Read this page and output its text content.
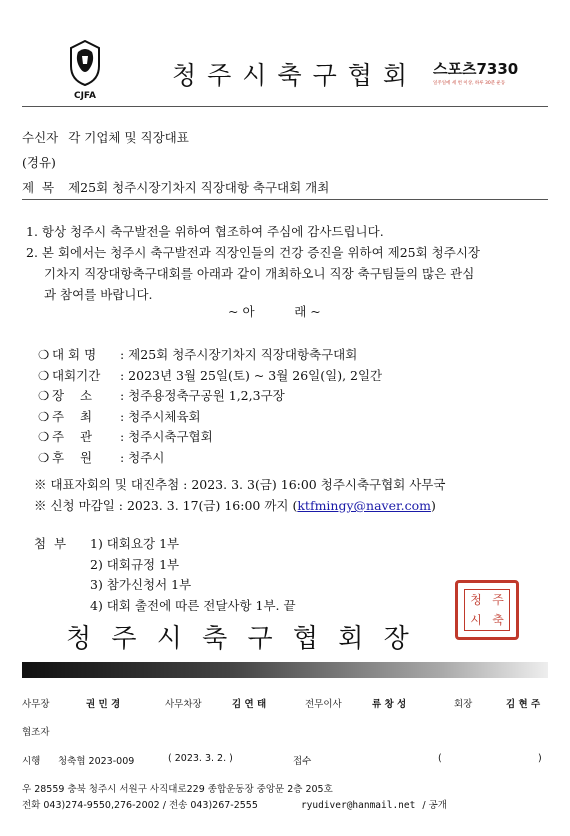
CJFA
청주시축구협회 스포츠7330
일주일에 세 번 이상, 하루 30분 운동
수신자 각 기업체 및 직장대표
(경유)
제  목 제25회 청주시장기차지 직장대항 축구대회 개최
1. 항상 청주시 축구발전을 위하여 협조하여 주심에 감사드립니다.
2. 본 회에서는 청주시 축구발전과 직장인들의 건강 증진을 위하여 제25회 청주시장
기차지 직장대항축구대회를 아래과 같이 개최하오니 직장 축구팀들의 많은 관심
과 참여를 바랍니다.
~ 아          래 ~
❍ 대 회 명 : 제25회 청주시장기차지 직장대항축구대회
❍ 대회기간 : 2023년 3월 25일(토) ~ 3월 26일(일), 2일간
❍ 장    소 : 청주용정축구공원 1,2,3구장
❍ 주    최 : 청주시체육회
❍ 주    관 : 청주시축구협회
❍ 후    원 : 청주시
※ 대표자회의 및 대진추첨 : 2023. 3. 3(금) 16:00 청주시축구협회 사무국
※ 신청 마감일 : 2023. 3. 17(금) 16:00 까지 (ktfmingy@naver.com)
첨  부 1) 대회요강 1부
2) 대회규정 1부
3) 참가신청서 1부
4) 대회 출전에 따른 전달사항 1부. 끝	청 주
시 축
청 주 시 축 구 협 회 장
사무장	권 민 경	사무차장	김 연 태	전무이사	류 창 성	회장	김 현 주
협조자
시행 청축협 2023-009	( 2023. 3. 2. )	접수	(	)
우 28559 충북 청주시 서원구 사직대로229 종합운동장 중앙문 2층 205호
전화 043)274-9550,276-2002 / 전송 043)267-2555	ryudiver@hanmail.net / 공개
